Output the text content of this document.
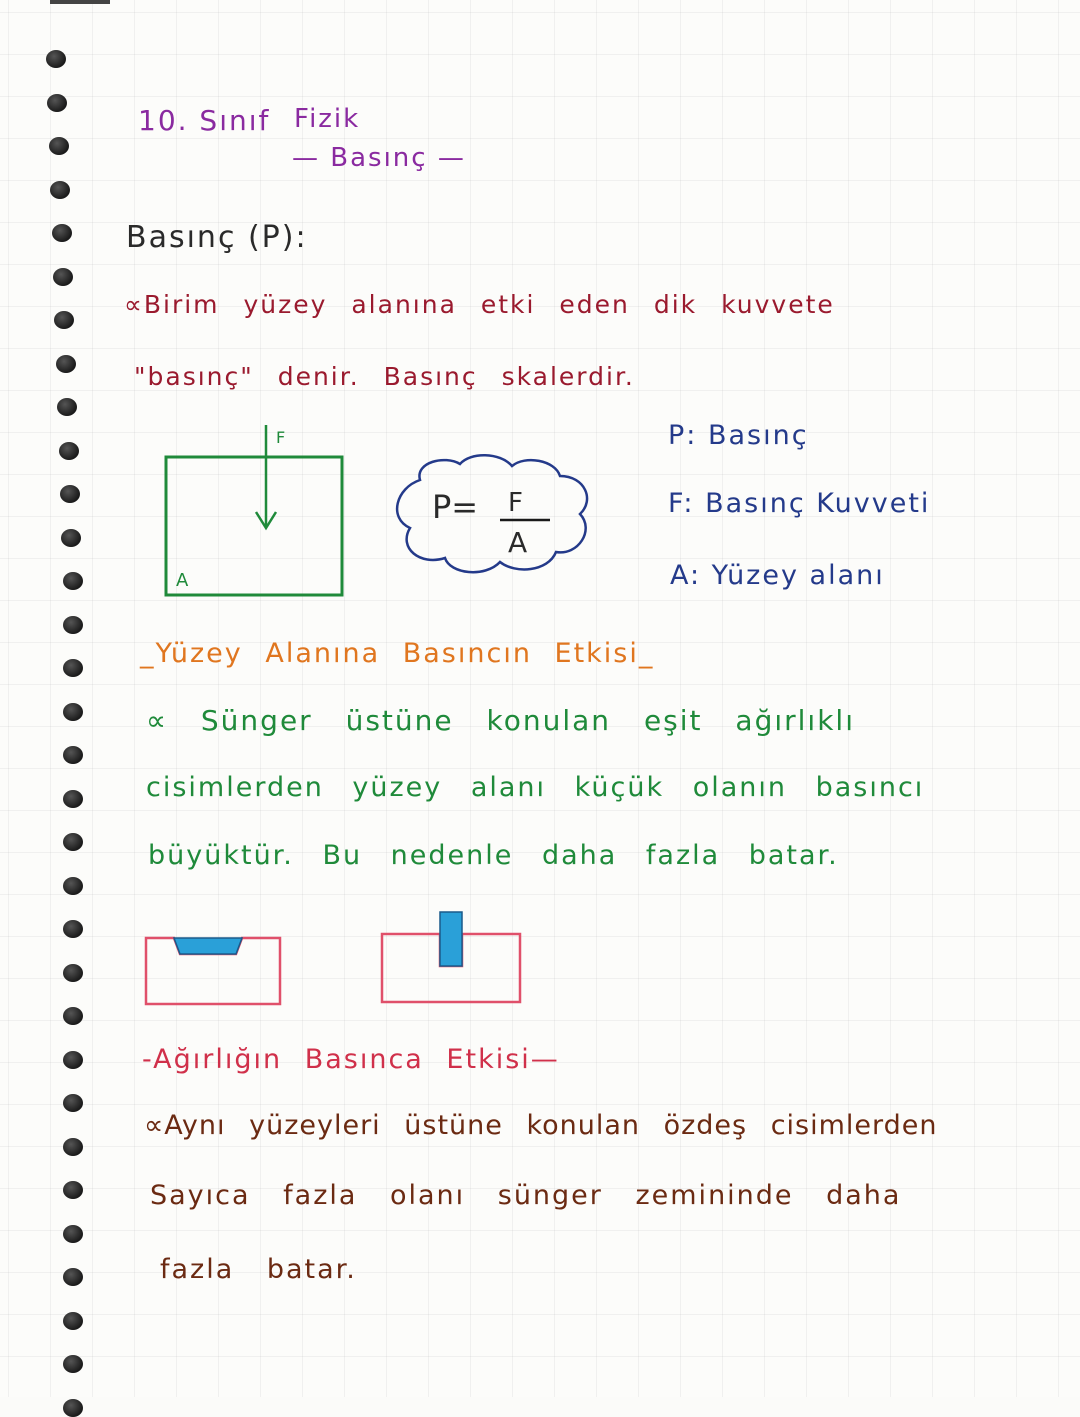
10. Sınıf Fizik
— Basınç —
Basınç (P):
∝Birim yüzey alanına etki eden dik kuvvete
"basınç" denir. Basınç skalerdir.
F
A
P= F
A
P: Basınç
F: Basınç Kuvveti
A: Yüzey alanı
_Yüzey Alanına Basıncın Etkisi_
∝ Sünger üstüne konulan eşit ağırlıklı
cisimlerden yüzey alanı küçük olanın basıncı
büyüktür. Bu nedenle daha fazla batar.
-Ağırlığın Basınca Etkisi—
∝Aynı yüzeyleri üstüne konulan özdeş cisimlerden
Sayıca fazla olanı sünger zemininde daha
fazla batar.
